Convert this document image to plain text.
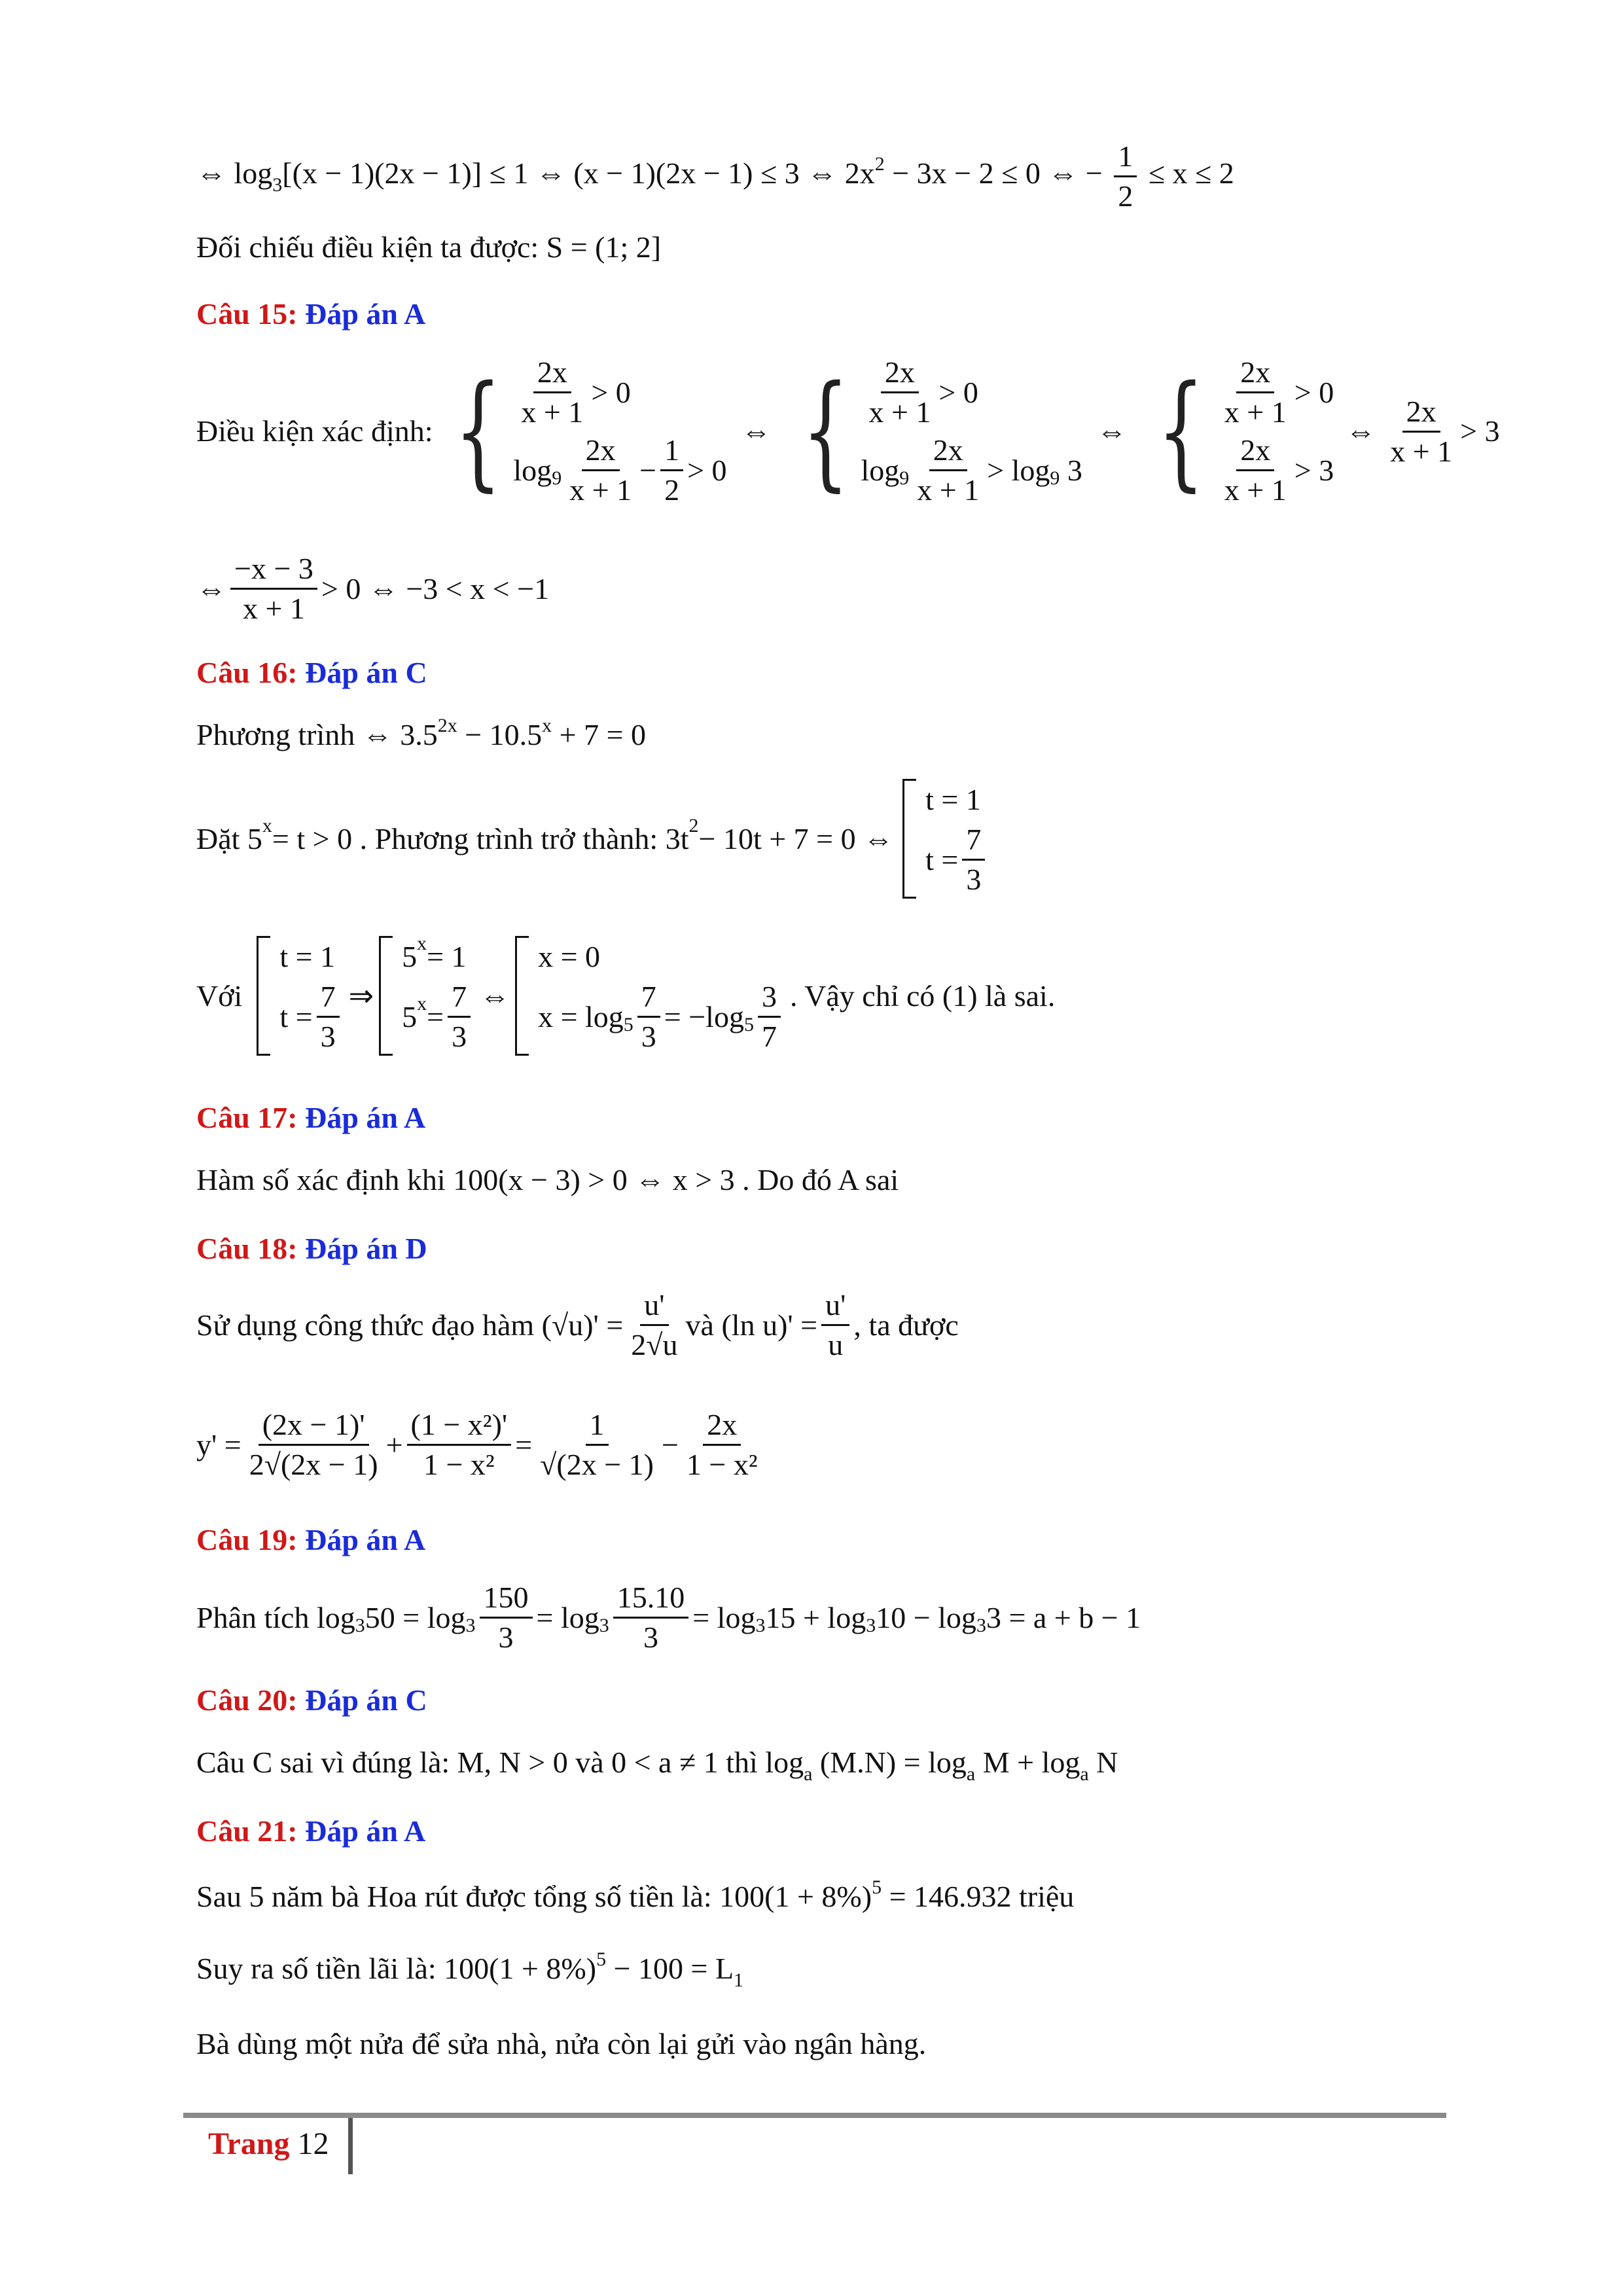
⇔ $\log_3[(x - 1)(2x - 1)] \le 1$ ⇔ (x − 1)(2x − 1) ≤ 3 ⇔ $2x^2 - 3x - 2 \le 0$ ⇔ − $\frac{1}{2} \le x \le 2$
Đối chiếu điều kiện ta được: S = (1; 2]
Câu 15: Đáp án A
Điều kiện xác định: { 2x
x + 1
> 0
log 9
2x
x + 1
− $\frac{1}{2} > 0$
⇔ { 2x
x + 1
> 0
log 9
2x
x + 1
> log 9
3
⇔ { 2x
x + 1
> 0
2x
x + 1
> 3
⇔
2x
x + 1
> 3
⇔
−x − 3
x + 1
> 0 ⇔ −3 < x < −1
Câu 16: Đáp án C
Phương trình ⇔ $3.5^{2x} - 10.5^x + 7 = 0$
Đặt 5 x = t > 0 . Phương trình trở thành: 3t 2 − 10t + 7 = 0 ⇔
t = 1
$t = \frac{7}{3}$
Với
t = 1
$t = \frac{7}{3}$ ⇒
5 x = 1
5 $x = \frac{7}{3}$ ⇔
x = 0
$x = \log 5 \frac{7}{3} = -\log$ 5
3
7
. Vậy chỉ có (1) là sai.
Câu 17: Đáp án A
Hàm số xác định khi 100(x − 3) > 0 ⇔ x > 3 . Do đó A sai
Câu 18: Đáp án D
Sử dụng công thức đạo hàm $(√u)' = \frac{u'}{2√u}$ và (ln $u)' = \frac{u'}{u}$ , ta được
$y' = \frac{(2x - 1)'}{2√(2x - 1)} + \frac{\text{(1 − x²)'}}{\text{1 − x²}} = \frac{1}{√(2x - 1)} - \frac{2x}{\text{1 − x²}}$
Câu 19: Đáp án A
Phân tích log 3 $50 = \log 3 \frac{150}{3} = \log 3 \frac{15.10}{3} = \log 3$ 15 + log 3 10 − log 3 3 = a + b − 1
Câu 20: Đáp án C
Câu C sai vì đúng là: M, N > 0 và 0 < a ≠ 1 thì $\log_a (M.N) = \log_a M + \log_a N$
Câu 21: Đáp án A
Sau 5 năm bà Hoa rút được tổng số tiền là: $100(1 + 8\%)^5 = 146.932$ triệu
Suy ra số tiền lãi là: $100(1 + 8\%)^5 - 100 = L_1$
Bà dùng một nửa để sửa nhà, nửa còn lại gửi vào ngân hàng.
Trang 12
